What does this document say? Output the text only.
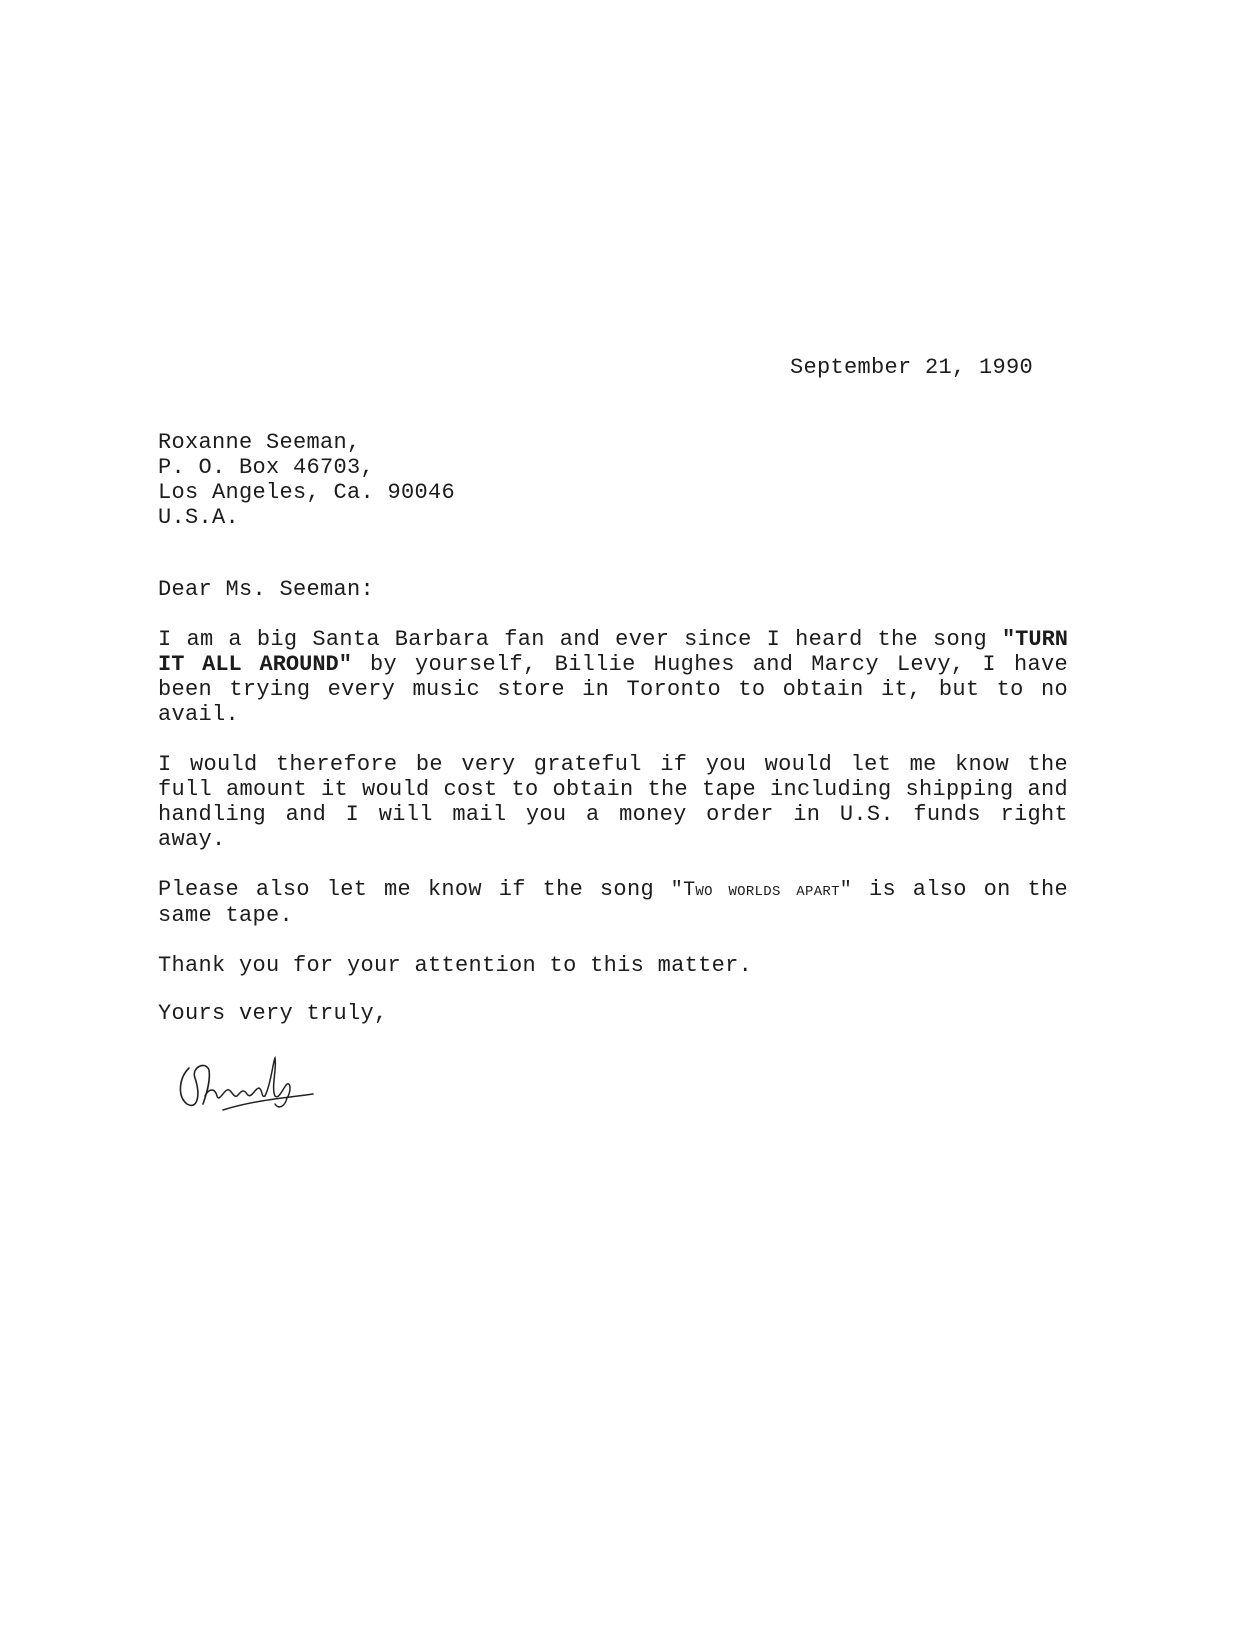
September 21, 1990
Roxanne Seeman,
P. O. Box 46703,
Los Angeles, Ca. 90046
U.S.A.
Dear Ms. Seeman:

I am a big Santa Barbara fan and ever since I heard the song "TURN IT ALL AROUND" by yourself, Billie Hughes and Marcy Levy, I have been trying every music store in Toronto to obtain it, but to no avail.

I would therefore be very grateful if you would let me know the full amount it would cost to obtain the tape including shipping and handling and I will mail you a money order in U.S. funds right away.

Please also let me know if the song "Two worlds apart" is also on the same tape.

Thank you for your attention to this matter.

Yours very truly,
